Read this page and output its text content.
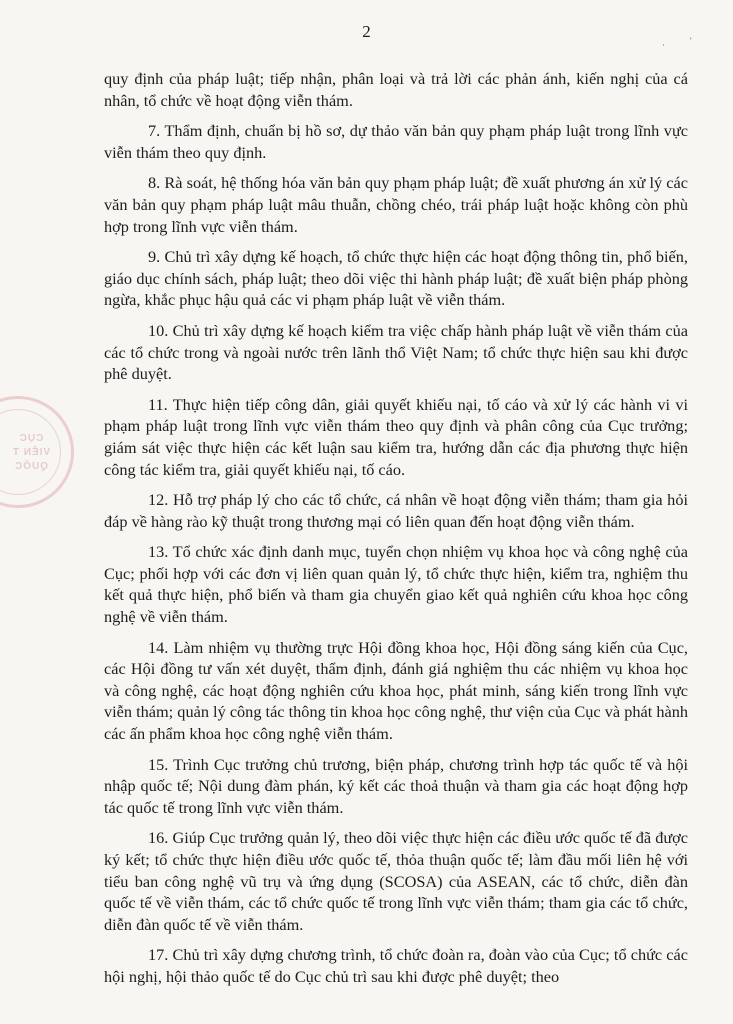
2
·	'
CỤC
VIỄN T
QUỐC

quy định của pháp luật; tiếp nhận, phân loại và trả lời các phản ánh, kiến nghị của cá nhân, tổ chức về hoạt động viễn thám.

7. Thẩm định, chuẩn bị hồ sơ, dự thảo văn bản quy phạm pháp luật trong lĩnh vực viễn thám theo quy định.

8. Rà soát, hệ thống hóa văn bản quy phạm pháp luật; đề xuất phương án xử lý các văn bản quy phạm pháp luật mâu thuẫn, chồng chéo, trái pháp luật hoặc không còn phù hợp trong lĩnh vực viễn thám.

9. Chủ trì xây dựng kế hoạch, tổ chức thực hiện các hoạt động thông tin, phổ biến, giáo dục chính sách, pháp luật; theo dõi việc thi hành pháp luật; đề xuất biện pháp phòng ngừa, khắc phục hậu quả các vi phạm pháp luật về viễn thám.

10. Chủ trì xây dựng kế hoạch kiểm tra việc chấp hành pháp luật về viễn thám của các tổ chức trong và ngoài nước trên lãnh thổ Việt Nam; tổ chức thực hiện sau khi được phê duyệt.

11. Thực hiện tiếp công dân, giải quyết khiếu nại, tố cáo và xử lý các hành vi vi phạm pháp luật trong lĩnh vực viễn thám theo quy định và phân công của Cục trưởng; giám sát việc thực hiện các kết luận sau kiểm tra, hướng dẫn các địa phương thực hiện công tác kiểm tra, giải quyết khiếu nại, tố cáo.

12. Hỗ trợ pháp lý cho các tổ chức, cá nhân về hoạt động viễn thám; tham gia hỏi đáp về hàng rào kỹ thuật trong thương mại có liên quan đến hoạt động viễn thám.

13. Tổ chức xác định danh mục, tuyển chọn nhiệm vụ khoa học và công nghệ của Cục; phối hợp với các đơn vị liên quan quản lý, tổ chức thực hiện, kiểm tra, nghiệm thu kết quả thực hiện, phổ biến và tham gia chuyển giao kết quả nghiên cứu khoa học công nghệ về viễn thám.

14. Làm nhiệm vụ thường trực Hội đồng khoa học, Hội đồng sáng kiến của Cục, các Hội đồng tư vấn xét duyệt, thẩm định, đánh giá nghiệm thu các nhiệm vụ khoa học và công nghệ, các hoạt động nghiên cứu khoa học, phát minh, sáng kiến trong lĩnh vực viễn thám; quản lý công tác thông tin khoa học công nghệ, thư viện của Cục và phát hành các ấn phẩm khoa học công nghệ viễn thám.

15. Trình Cục trưởng chủ trương, biện pháp, chương trình hợp tác quốc tế và hội nhập quốc tế; Nội dung đàm phán, ký kết các thoả thuận và tham gia các hoạt động hợp tác quốc tế trong lĩnh vực viễn thám.

16. Giúp Cục trưởng quản lý, theo dõi việc thực hiện các điều ước quốc tế đã được ký kết; tổ chức thực hiện điều ước quốc tế, thỏa thuận quốc tế; làm đầu mối liên hệ với tiểu ban công nghệ vũ trụ và ứng dụng (SCOSA) của ASEAN, các tổ chức, diễn đàn quốc tế về viễn thám, các tổ chức quốc tế trong lĩnh vực viễn thám; tham gia các tổ chức, diễn đàn quốc tế về viễn thám.

17. Chủ trì xây dựng chương trình, tổ chức đoàn ra, đoàn vào của Cục; tổ chức các hội nghị, hội thảo quốc tế do Cục chủ trì sau khi được phê duyệt; theo
